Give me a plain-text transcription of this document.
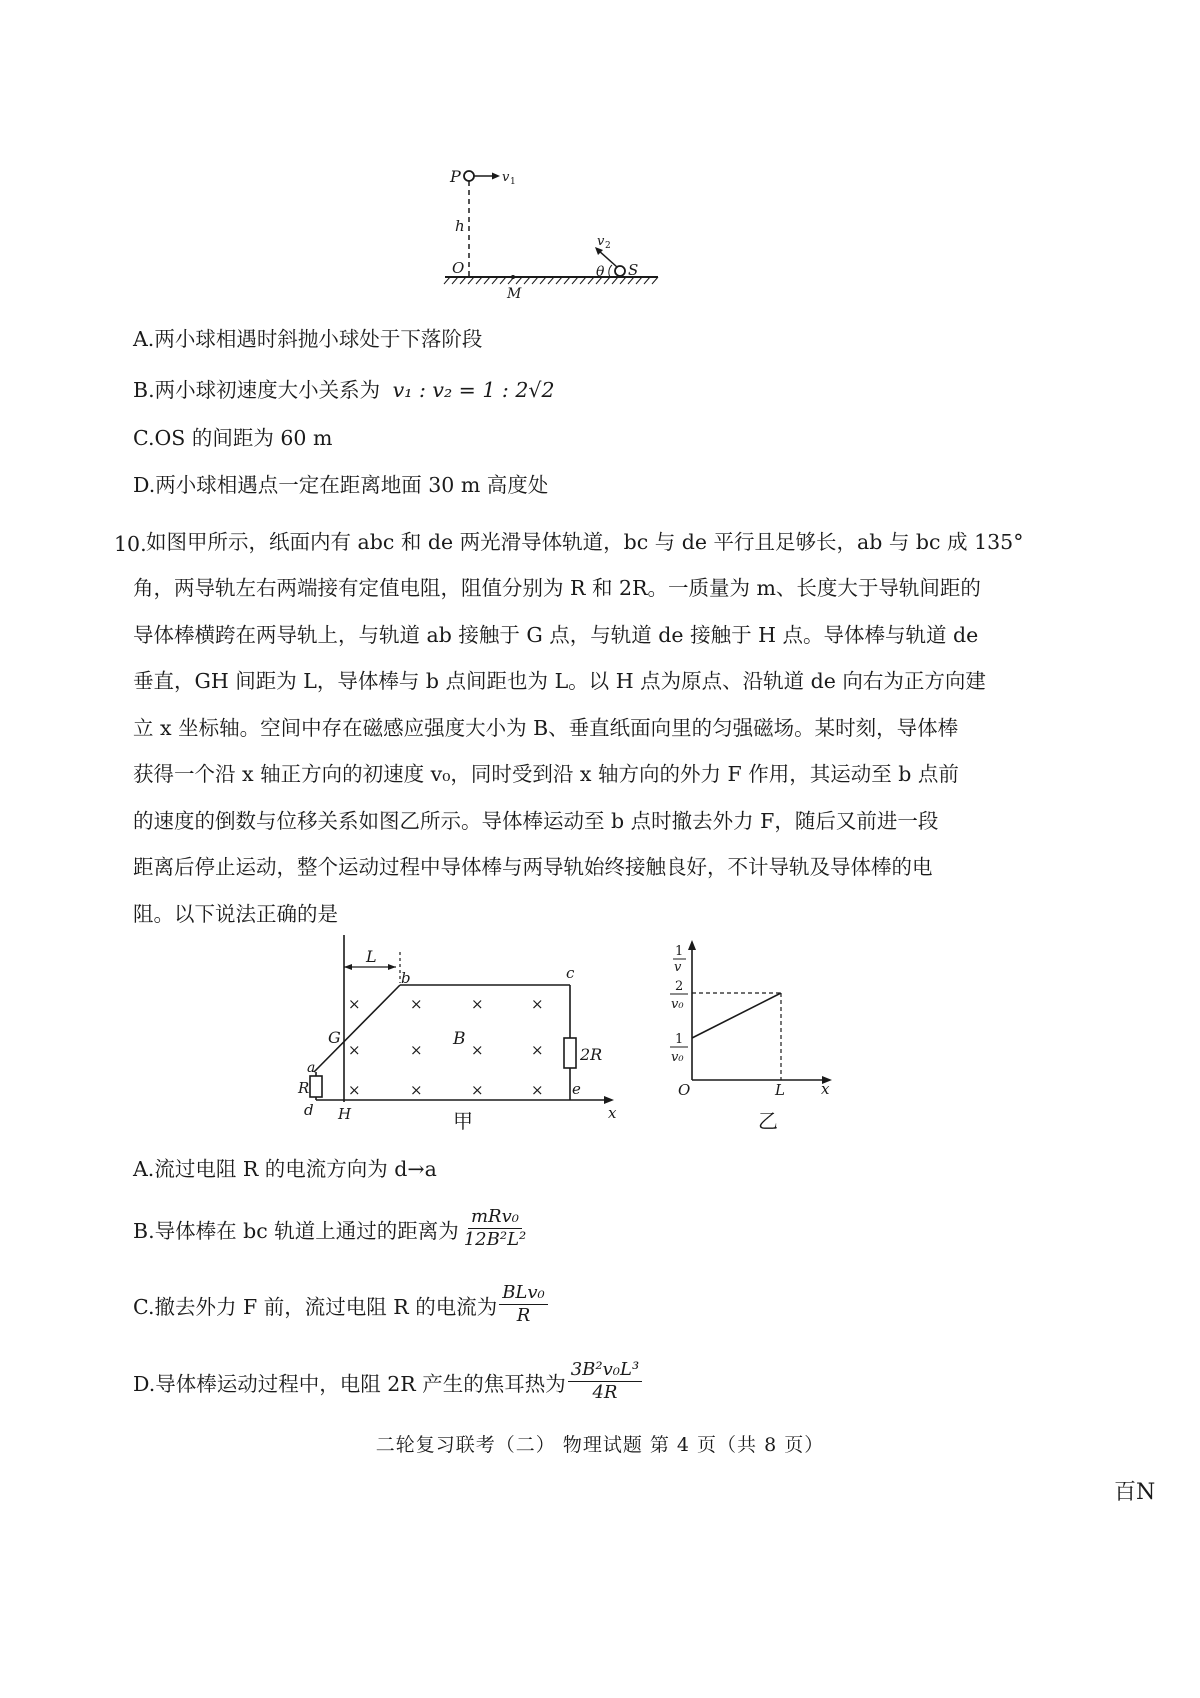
P	v 1
h
O
M
v 2
θ S
A.两小球相遇时斜抛小球处于下落阶段
B.两小球初速度大小关系为 v₁ : v₂ = 1 : 2√2
C.OS 的间距为 60 m
D.两小球相遇点一定在距离地面 30 m 高度处
10. 如图甲所示，纸面内有 abc 和 de 两光滑导体轨道，bc 与 de 平行且足够长，ab 与 bc 成 135°
角，两导轨左右两端接有定值电阻，阻值分别为 R 和 2R。一质量为 m、长度大于导轨间距的
导体棒横跨在两导轨上，与轨道 ab 接触于 G 点，与轨道 de 接触于 H 点。导体棒与轨道 de
垂直，GH 间距为 L，导体棒与 b 点间距也为 L。以 H 点为原点、沿轨道 de 向右为正方向建
立 x 坐标轴。空间中存在磁感应强度大小为 B、垂直纸面向里的匀强磁场。某时刻，导体棒
获得一个沿 x 轴正方向的初速度 v₀，同时受到沿 x 轴方向的外力 F 作用，其运动至 b 点前
的速度的倒数与位移关系如图乙所示。导体棒运动至 b 点时撤去外力 F，随后又前进一段
距离后停止运动，整个运动过程中导体棒与两导轨始终接触良好，不计导轨及导体棒的电
阻。以下说法正确的是
L
b	c
2R
G
a
R
d H
e
x
B
×	×	×	×
×	×	×	×
×	×	×	×
甲
1
v
2
v₀
1
v₀
O	L x
乙
A.流过电阻 R 的电流方向为 d→a
B.导体棒在 bc 轨道上通过的距离为 $\frac{\text{mRv₀}}{\text{12B²L²}}$
C.撤去外力 F 前，流过电阻 R 的电流为 $\frac{\text{BLv₀}}{R}$
D.导体棒运动过程中，电阻 2R 产生的焦耳热为 $\frac{\text{3B²v₀L³}}{4R}$
二轮复习联考（二） 物理试题 第 4 页（共 8 页）
百N
